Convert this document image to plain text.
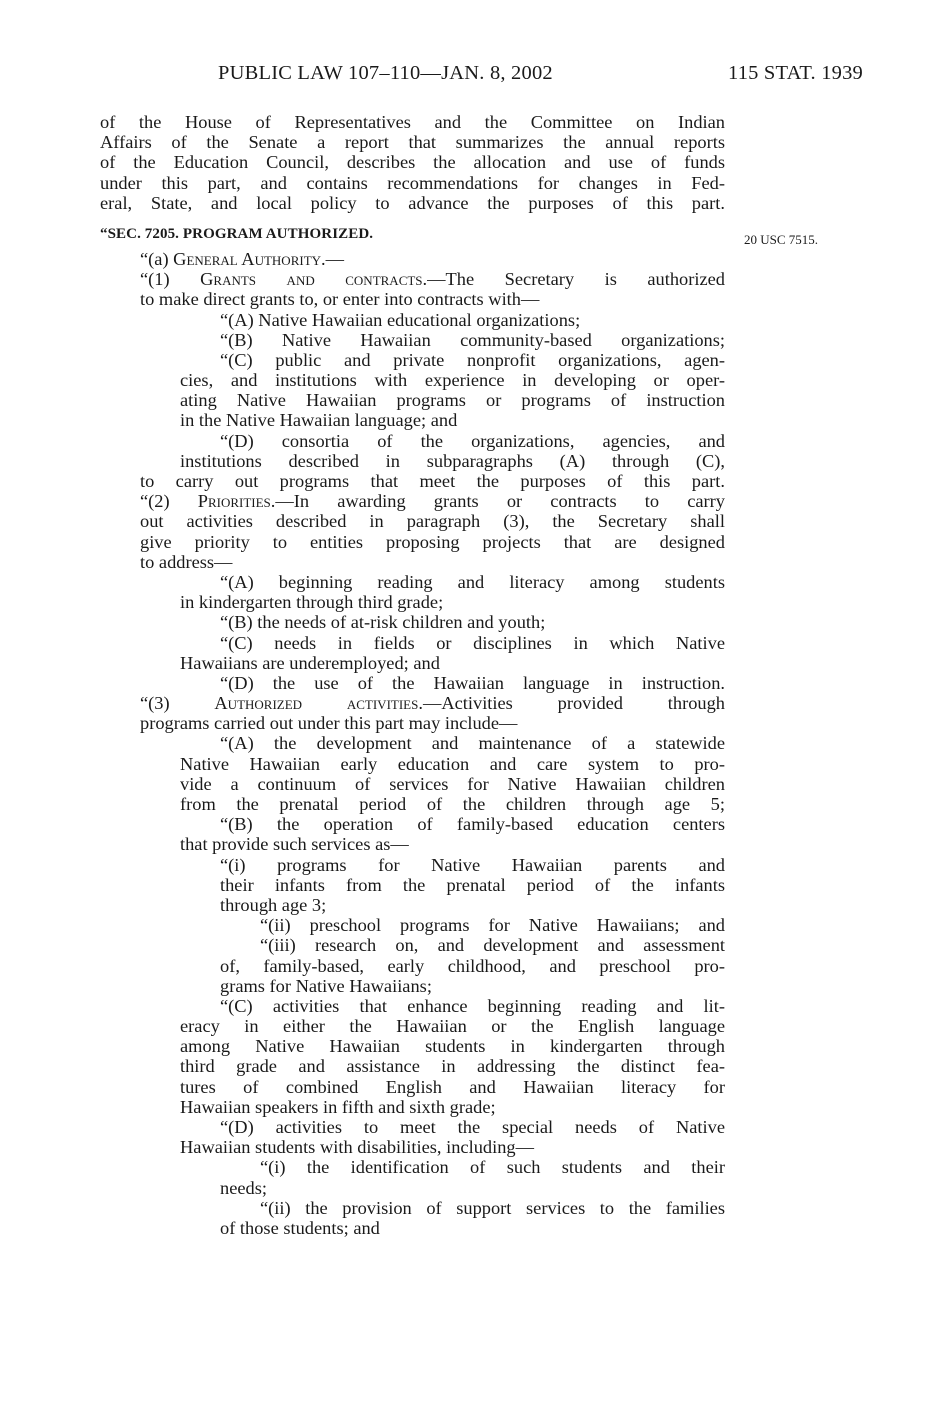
PUBLIC LAW 107–110—JAN. 8, 2002	115 STAT. 1939
20 USC 7515.
of the House of Representatives and the Committee on Indian
Affairs of the Senate a report that summarizes the annual reports
of the Education Council, describes the allocation and use of funds
under this part, and contains recommendations for changes in Fed-
eral, State, and local policy to advance the purposes of this part.
“SEC. 7205. PROGRAM AUTHORIZED.
“(a) General Authority.—
“(1) Grants and contracts.—The Secretary is authorized
to make direct grants to, or enter into contracts with—
“(A) Native Hawaiian educational organizations;
“(B) Native Hawaiian community-based organizations;
“(C) public and private nonprofit organizations, agen-
cies, and institutions with experience in developing or oper-
ating Native Hawaiian programs or programs of instruction
in the Native Hawaiian language; and
“(D) consortia of the organizations, agencies, and
institutions described in subparagraphs (A) through (C),
to carry out programs that meet the purposes of this part.
“(2) Priorities.—In awarding grants or contracts to carry
out activities described in paragraph (3), the Secretary shall
give priority to entities proposing projects that are designed
to address—
“(A) beginning reading and literacy among students
in kindergarten through third grade;
“(B) the needs of at-risk children and youth;
“(C) needs in fields or disciplines in which Native
Hawaiians are underemployed; and
“(D) the use of the Hawaiian language in instruction.
“(3) Authorized activities.—Activities provided through
programs carried out under this part may include—
“(A) the development and maintenance of a statewide
Native Hawaiian early education and care system to pro-
vide a continuum of services for Native Hawaiian children
from the prenatal period of the children through age 5;
“(B) the operation of family-based education centers
that provide such services as—
“(i) programs for Native Hawaiian parents and
their infants from the prenatal period of the infants
through age 3;
“(ii) preschool programs for Native Hawaiians; and
“(iii) research on, and development and assessment
of, family-based, early childhood, and preschool pro-
grams for Native Hawaiians;
“(C) activities that enhance beginning reading and lit-
eracy in either the Hawaiian or the English language
among Native Hawaiian students in kindergarten through
third grade and assistance in addressing the distinct fea-
tures of combined English and Hawaiian literacy for
Hawaiian speakers in fifth and sixth grade;
“(D) activities to meet the special needs of Native
Hawaiian students with disabilities, including—
“(i) the identification of such students and their
needs;
“(ii) the provision of support services to the families
of those students; and
